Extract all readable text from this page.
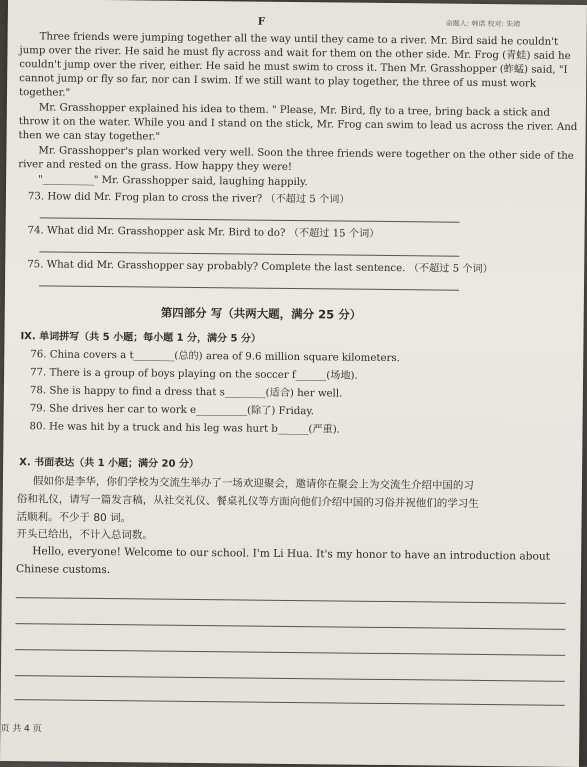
F	命题人: 韩诺 校对: 朱靖
Three friends were jumping together all the way until they came to a river. Mr. Bird said he couldn't
jump over the river. He said he must fly across and wait for them on the other side. Mr. Frog (青蛙) said he
couldn't jump over the river, either. He said he must swim to cross it. Then Mr. Grasshopper (蚱蜢) said, "I
cannot jump or fly so far, nor can I swim. If we still want to play together, the three of us must work
together."
Mr. Grasshopper explained his idea to them. " Please, Mr. Bird, fly to a tree, bring back a stick and
throw it on the water. While you and I stand on the stick, Mr. Frog can swim to lead us across the river. And
then we can stay together."
Mr. Grasshopper's plan worked very well. Soon the three friends were together on the other side of the
river and rested on the grass. How happy they were!
"__________" Mr. Grasshopper said, laughing happily.
73. How did Mr. Frog plan to cross the river? （不超过 5 个词）
74. What did Mr. Grasshopper ask Mr. Bird to do? （不超过 15 个词）
75. What did Mr. Grasshopper say probably? Complete the last sentence. （不超过 5 个词）
第四部分 写（共两大题，满分 25 分）
IX. 单词拼写（共 5 小题；每小题 1 分，满分 5 分）
76. China covers a t________(总的) area of 9.6 million square kilometers.
77. There is a group of boys playing on the soccer f______(场地).
78. She is happy to find a dress that s________(适合) her well.
79. She drives her car to work e__________(除了) Friday.
80. He was hit by a truck and his leg was hurt b______(严重).
X. 书面表达（共 1 小题；满分 20 分）
假如你是李华，你们学校为交流生举办了一场欢迎聚会，邀请你在聚会上为交流生介绍中国的习
俗和礼仪，请写一篇发言稿，从社交礼仪、餐桌礼仪等方面向他们介绍中国的习俗并祝他们的学习生
活顺利。不少于 80 词。
开头已给出，不计入总词数。
Hello, everyone! Welcome to our school. I'm Li Hua. It's my honor to have an introduction about
Chinese customs.
页 共 4 页
